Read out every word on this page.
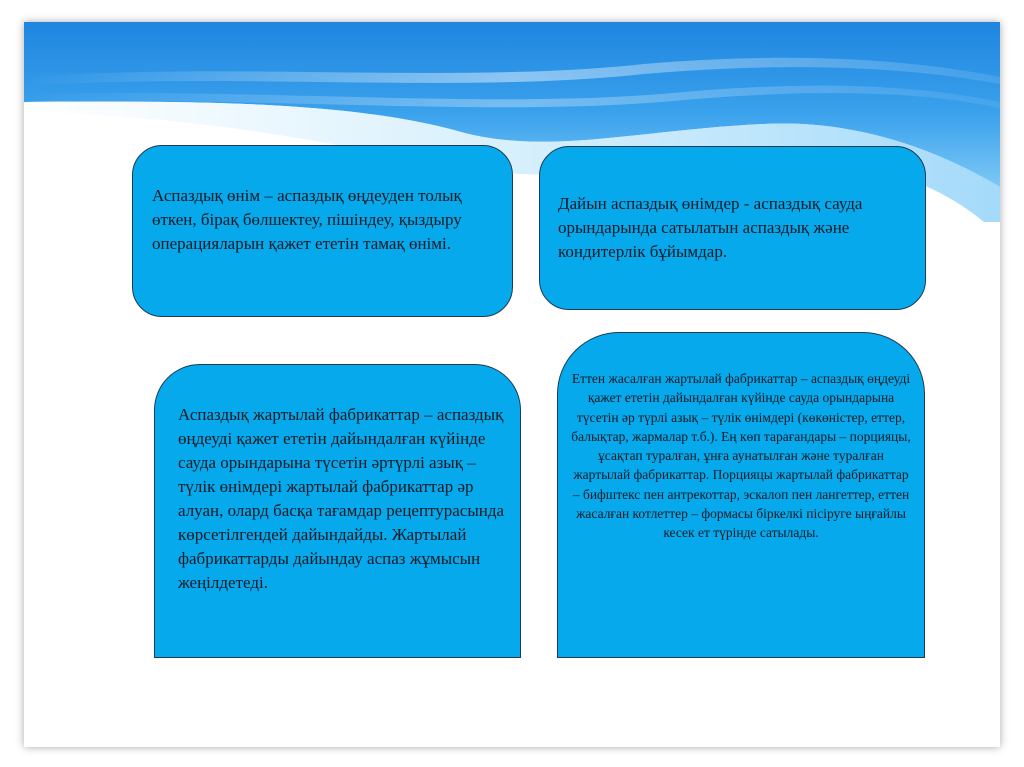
Аспаздық өнім – аспаздық өңдеуден толық өткен, бірақ бөлшектеу, пішіндеу, қыздыру операцияларын қажет ететін тамақ өнімі.

Дайын аспаздық өнімдер - аспаздық сауда орындарында сатылатын аспаздық және кондитерлік бұйымдар.

Аспаздық жартылай фабрикаттар – аспаздық өңдеуді қажет ететін дайындалған күйінде сауда орындарына түсетін әртүрлі азық – түлік өнімдері жартылай фабрикаттар әр алуан, олард басқа тағамдар рецептурасында көрсетілгендей дайындайды. Жартылай фабрикаттарды дайындау аспаз жұмысын жеңілдетеді.

Еттен жасалған жартылай фабрикаттар – аспаздық өңдеуді қажет ететін дайындалған күйінде сауда орындарына түсетін әр түрлі азық – түлік өнімдері (көкөністер, еттер, балықтар, жармалар т.б.). Ең көп тарағандары – порцияцы, ұсақтап туралған, ұнға аунатылған және туралған жартылай фабрикаттар. Порцияцы жартылай фабрикаттар – бифштекс пен антрекоттар, эскалоп пен лангеттер, еттен жасалған котлеттер – формасы біркелкі пісіруге ыңғайлы кесек ет түрінде сатылады.
